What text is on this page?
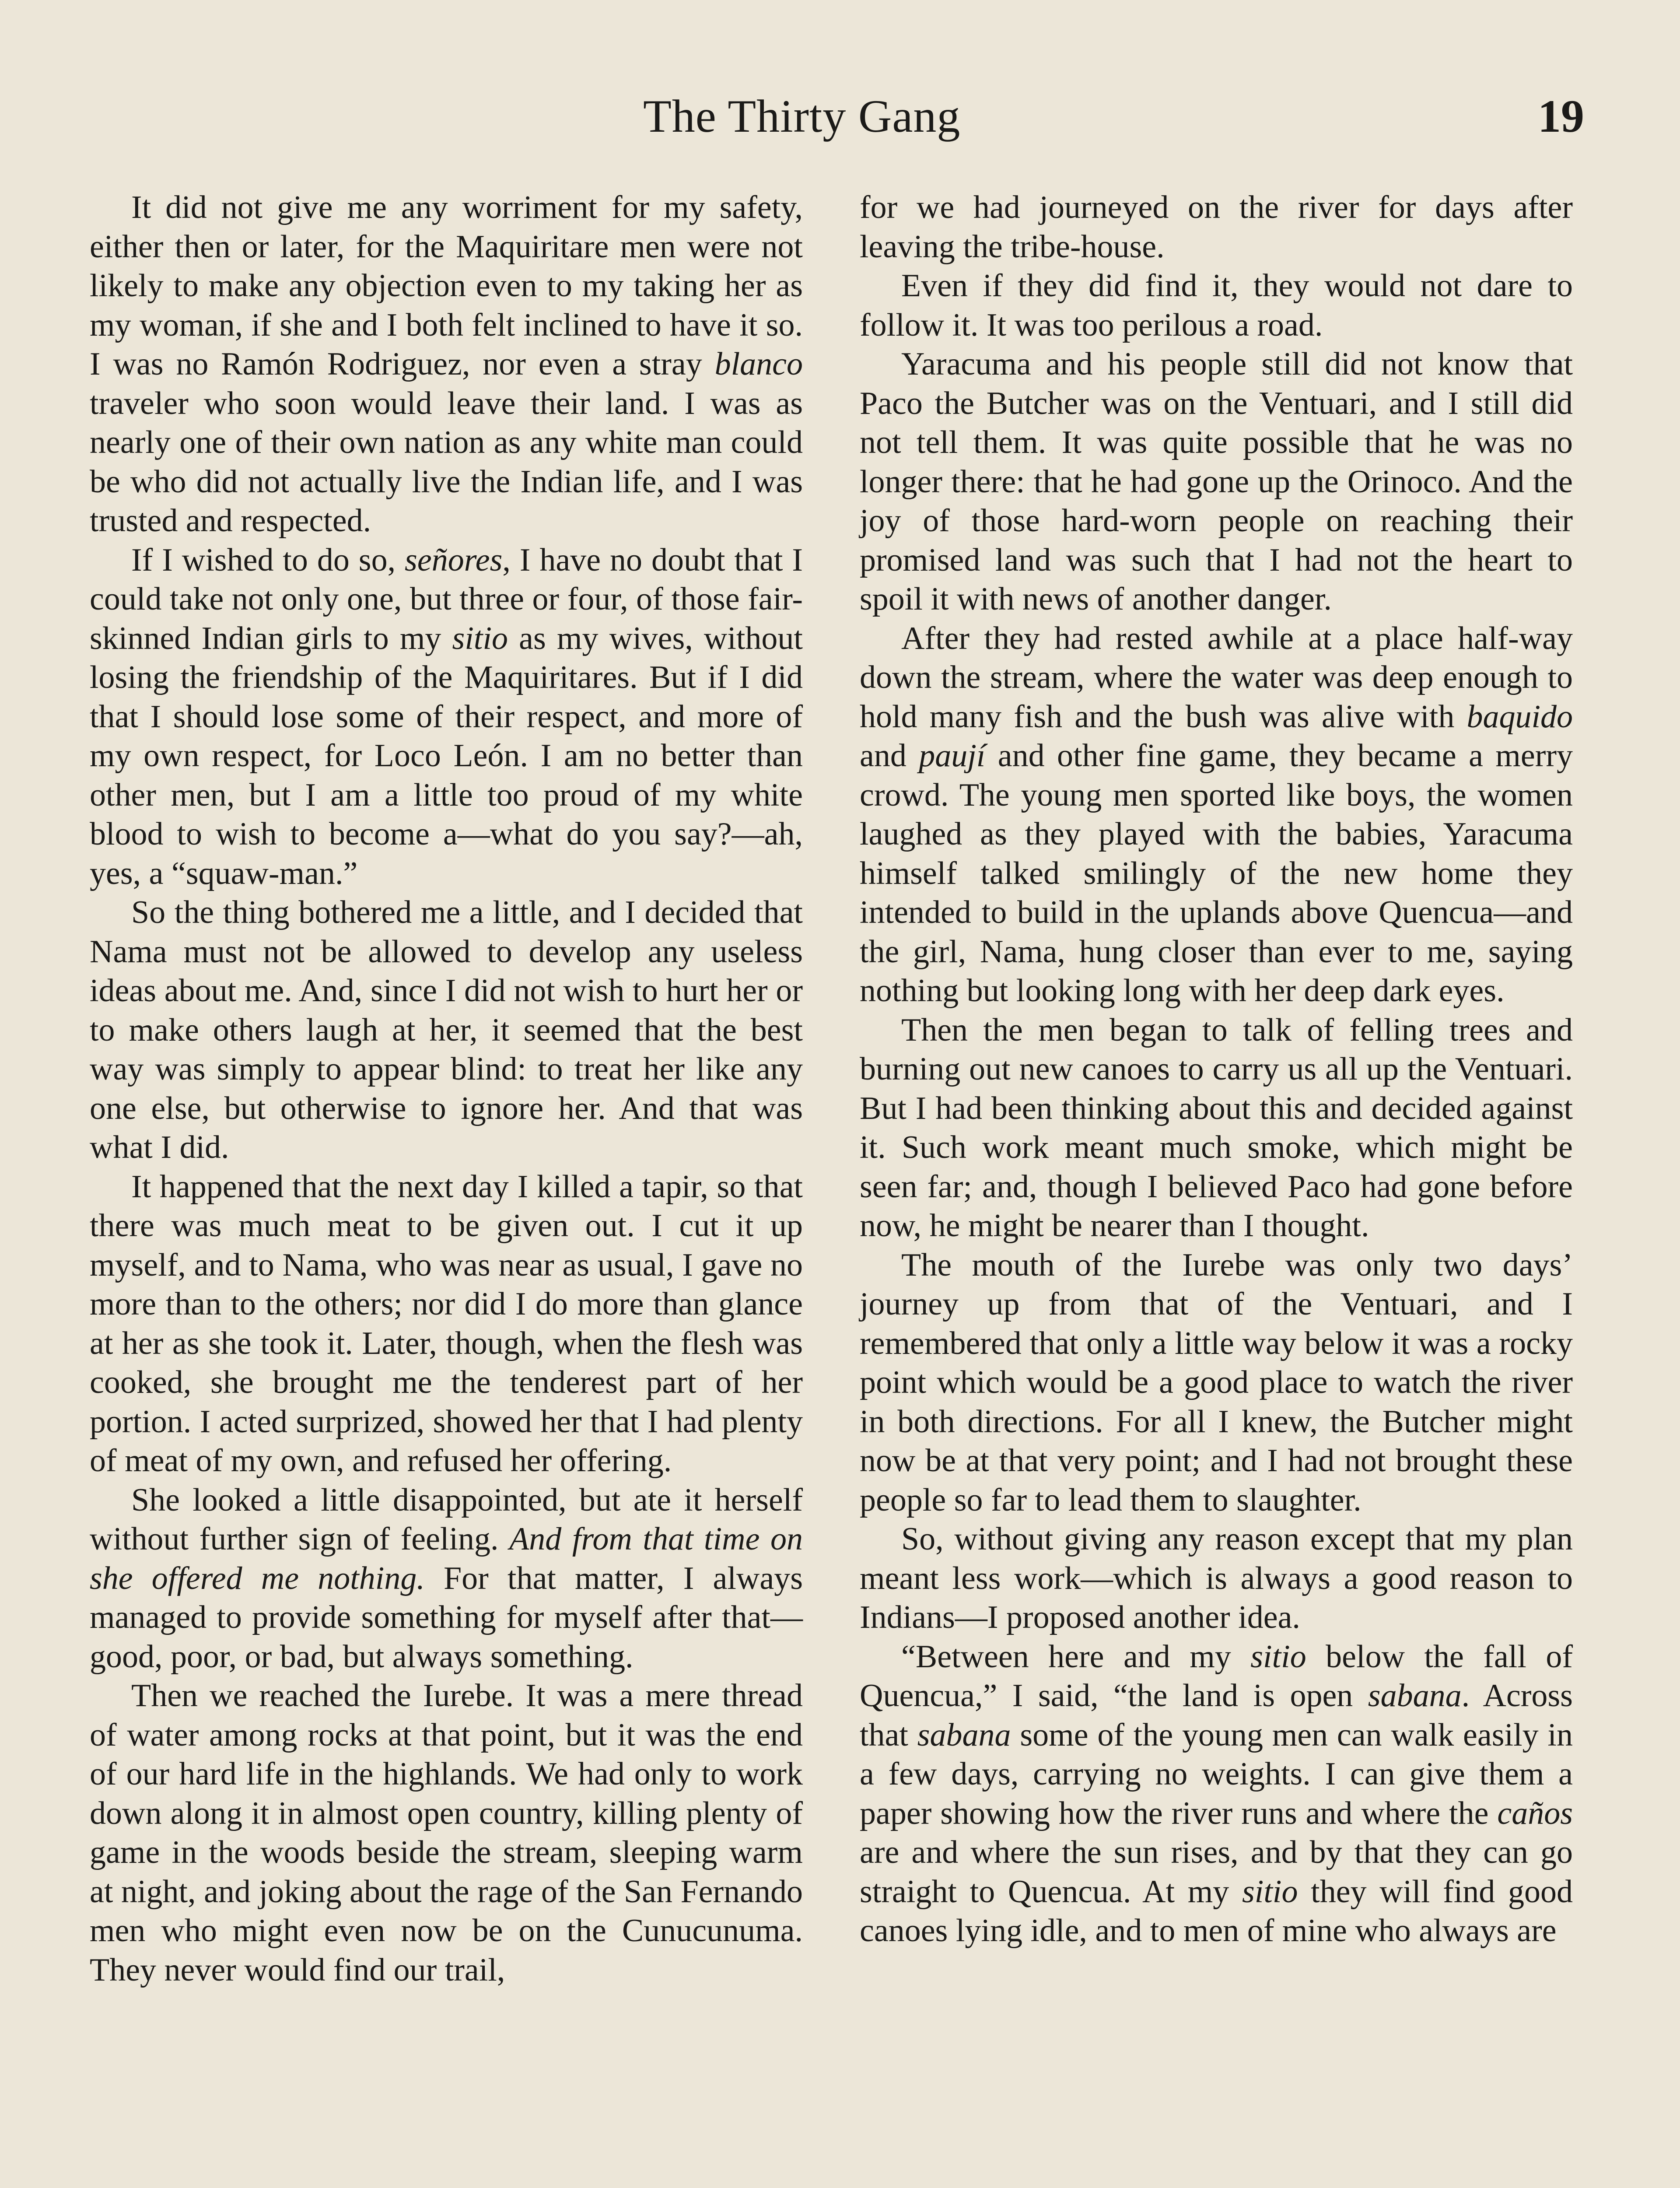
The Thirty Gang	19

It did not give me any worriment for my safety, either then or later, for the Maquiritare men were not likely to make any objection even to my taking her as my woman, if she and I both felt inclined to have it so. I was no Ramón Rodriguez, nor even a stray blanco traveler who soon would leave their land. I was as nearly one of their own nation as any white man could be who did not actually live the Indian life, and I was trusted and respected.

If I wished to do so, señores, I have no doubt that I could take not only one, but three or four, of those fair-skinned Indian girls to my sitio as my wives, without losing the friendship of the Maquiritares. But if I did that I should lose some of their respect, and more of my own respect, for Loco León. I am no better than other men, but I am a little too proud of my white blood to wish to become a—what do you say?—ah, yes, a “squaw-man.”

So the thing bothered me a little, and I decided that Nama must not be allowed to develop any useless ideas about me. And, since I did not wish to hurt her or to make others laugh at her, it seemed that the best way was simply to appear blind: to treat her like any one else, but otherwise to ignore her. And that was what I did.

It happened that the next day I killed a tapir, so that there was much meat to be given out. I cut it up myself, and to Nama, who was near as usual, I gave no more than to the others; nor did I do more than glance at her as she took it. Later, though, when the flesh was cooked, she brought me the tenderest part of her portion. I acted surprized, showed her that I had plenty of meat of my own, and refused her offering.

She looked a little disappointed, but ate it herself without further sign of feeling. And from that time on she offered me nothing. For that matter, I always managed to provide something for myself after that— good, poor, or bad, but always something.

Then we reached the Iurebe. It was a mere thread of water among rocks at that point, but it was the end of our hard life in the highlands. We had only to work down along it in almost open country, killing plenty of game in the woods beside the stream, sleeping warm at night, and joking about the rage of the San Fernando men who might even now be on the Cunucunuma. They never would find our trail,

for we had journeyed on the river for days after leaving the tribe-house.

Even if they did find it, they would not dare to follow it. It was too perilous a road.

Yaracuma and his people still did not know that Paco the Butcher was on the Ventuari, and I still did not tell them. It was quite possible that he was no longer there: that he had gone up the Orinoco. And the joy of those hard-worn people on reaching their promised land was such that I had not the heart to spoil it with news of another danger.

After they had rested awhile at a place half-way down the stream, where the water was deep enough to hold many fish and the bush was alive with baquido and paují and other fine game, they became a merry crowd. The young men sported like boys, the women laughed as they played with the babies, Yaracuma himself talked smilingly of the new home they intended to build in the uplands above Quencua—and the girl, Nama, hung closer than ever to me, saying nothing but looking long with her deep dark eyes.

Then the men began to talk of felling trees and burning out new canoes to carry us all up the Ventuari. But I had been thinking about this and decided against it. Such work meant much smoke, which might be seen far; and, though I believed Paco had gone before now, he might be nearer than I thought.

The mouth of the Iurebe was only two days’ journey up from that of the Ventuari, and I remembered that only a little way below it was a rocky point which would be a good place to watch the river in both directions. For all I knew, the Butcher might now be at that very point; and I had not brought these people so far to lead them to slaughter.

So, without giving any reason except that my plan meant less work—which is always a good reason to Indians—I proposed another idea.

“Between here and my sitio below the fall of Quencua,” I said, “the land is open sabana. Across that sabana some of the young men can walk easily in a few days, carrying no weights. I can give them a paper showing how the river runs and where the caños are and where the sun rises, and by that they can go straight to Quencua. At my sitio they will find good canoes lying idle, and to men of mine who always are
